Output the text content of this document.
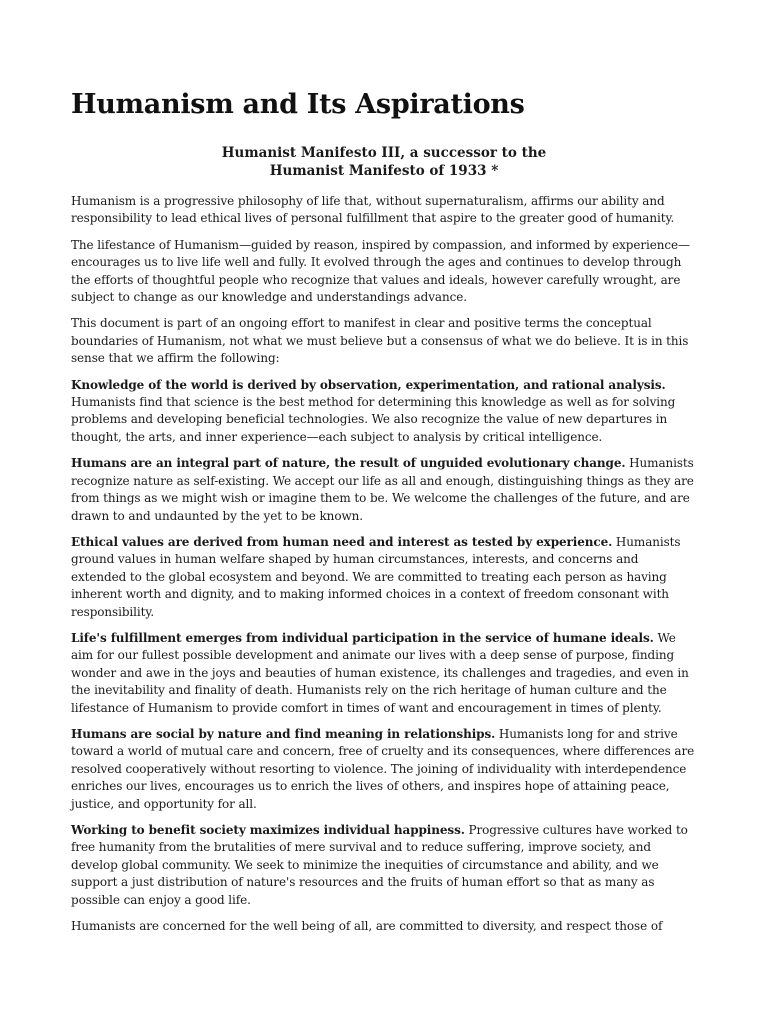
Humanism and Its Aspirations
Humanist Manifesto III, a successor to the
Humanist Manifesto of 1933 *

Humanism is a progressive philosophy of life that, without supernaturalism, affirms our ability and responsibility to lead ethical lives of personal fulfillment that aspire to the greater good of humanity.

The lifestance of Humanism—guided by reason, inspired by compassion, and informed by experience—encourages us to live life well and fully. It evolved through the ages and continues to develop through the efforts of thoughtful people who recognize that values and ideals, however carefully wrought, are subject to change as our knowledge and understandings advance.

This document is part of an ongoing effort to manifest in clear and positive terms the conceptual boundaries of Humanism, not what we must believe but a consensus of what we do believe. It is in this sense that we affirm the following:

Knowledge of the world is derived by observation, experimentation, and rational analysis. Humanists find that science is the best method for determining this knowledge as well as for solving problems and developing beneficial technologies. We also recognize the value of new departures in thought, the arts, and inner experience—each subject to analysis by critical intelligence.

Humans are an integral part of nature, the result of unguided evolutionary change. Humanists recognize nature as self-existing. We accept our life as all and enough, distinguishing things as they are from things as we might wish or imagine them to be. We welcome the challenges of the future, and are drawn to and undaunted by the yet to be known.

Ethical values are derived from human need and interest as tested by experience. Humanists ground values in human welfare shaped by human circumstances, interests, and concerns and extended to the global ecosystem and beyond. We are committed to treating each person as having inherent worth and dignity, and to making informed choices in a context of freedom consonant with responsibility.

Life's fulfillment emerges from individual participation in the service of humane ideals. We aim for our fullest possible development and animate our lives with a deep sense of purpose, finding wonder and awe in the joys and beauties of human existence, its challenges and tragedies, and even in the inevitability and finality of death. Humanists rely on the rich heritage of human culture and the lifestance of Humanism to provide comfort in times of want and encouragement in times of plenty.

Humans are social by nature and find meaning in relationships. Humanists long for and strive toward a world of mutual care and concern, free of cruelty and its consequences, where differences are resolved cooperatively without resorting to violence. The joining of individuality with interdependence enriches our lives, encourages us to enrich the lives of others, and inspires hope of attaining peace, justice, and opportunity for all.

Working to benefit society maximizes individual happiness. Progressive cultures have worked to free humanity from the brutalities of mere survival and to reduce suffering, improve society, and develop global community. We seek to minimize the inequities of circumstance and ability, and we support a just distribution of nature's resources and the fruits of human effort so that as many as possible can enjoy a good life.

Humanists are concerned for the well being of all, are committed to diversity, and respect those of
